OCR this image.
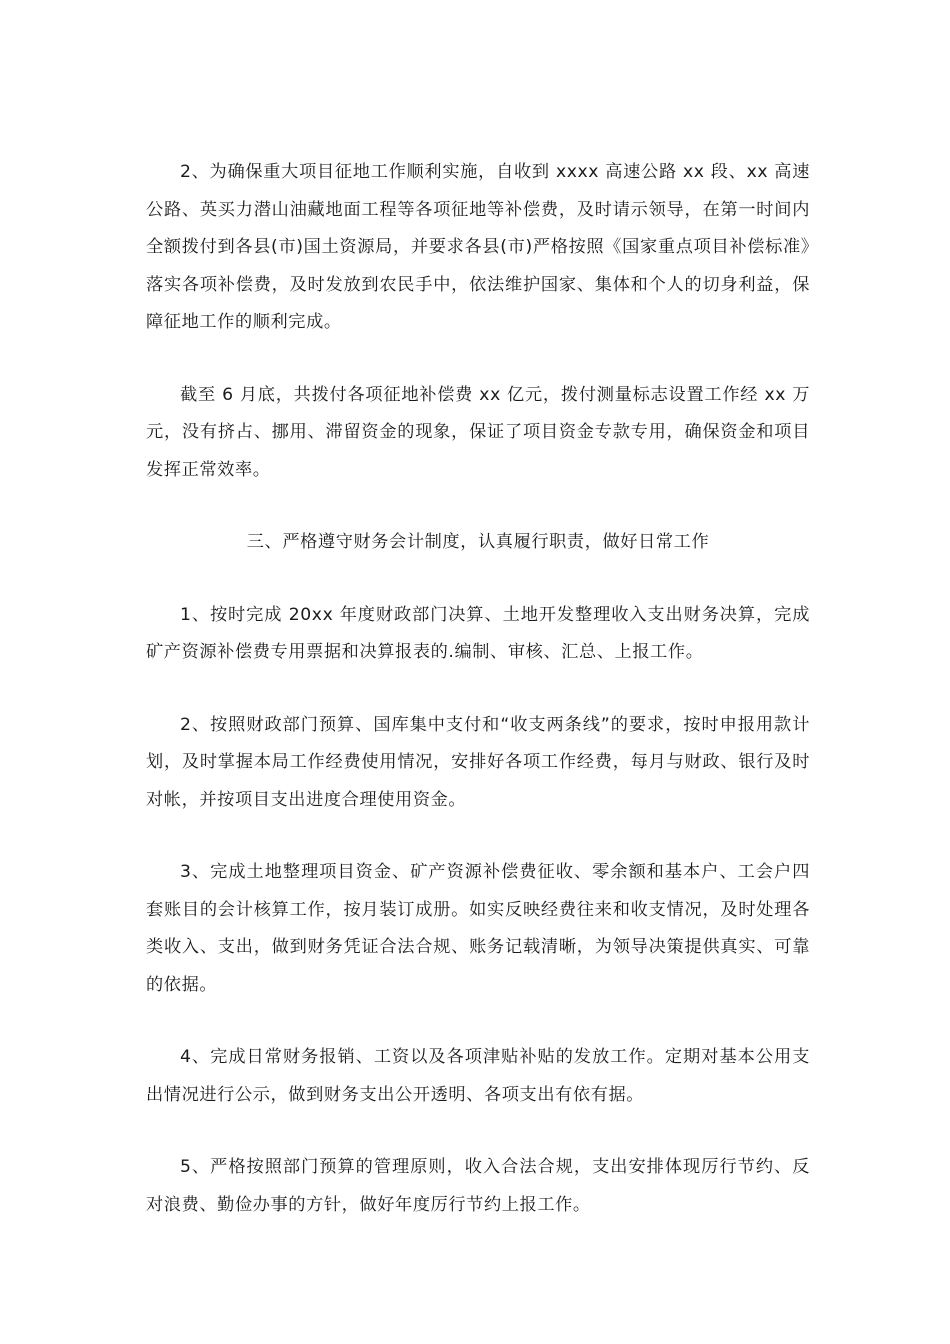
2、为确保重大项目征地工作顺利实施，自收到 xxxx 高速公路 xx 段、xx 高速公路、英买力潜山油藏地面工程等各项征地等补偿费，及时请示领导，在第一时间内全额拨付到各县(市)国土资源局，并要求各县(市)严格按照《国家重点项目补偿标准》落实各项补偿费，及时发放到农民手中，依法维护国家、集体和个人的切身利益，保障征地工作的顺利完成。

截至 6 月底，共拨付各项征地补偿费 xx 亿元，拨付测量标志设置工作经 xx 万元，没有挤占、挪用、滞留资金的现象，保证了项目资金专款专用，确保资金和项目发挥正常效率。

三、严格遵守财务会计制度，认真履行职责，做好日常工作

1、按时完成 20xx 年度财政部门决算、土地开发整理收入支出财务决算，完成矿产资源补偿费专用票据和决算报表的.编制、审核、汇总、上报工作。

2、按照财政部门预算、国库集中支付和“收支两条线”的要求，按时申报用款计划，及时掌握本局工作经费使用情况，安排好各项工作经费，每月与财政、银行及时对帐，并按项目支出进度合理使用资金。

3、完成土地整理项目资金、矿产资源补偿费征收、零余额和基本户、工会户四套账目的会计核算工作，按月装订成册。如实反映经费往来和收支情况，及时处理各类收入、支出，做到财务凭证合法合规、账务记载清晰，为领导决策提供真实、可靠的依据。

4、完成日常财务报销、工资以及各项津贴补贴的发放工作。定期对基本公用支出情况进行公示，做到财务支出公开透明、各项支出有依有据。

5、严格按照部门预算的管理原则，收入合法合规，支出安排体现厉行节约、反对浪费、勤俭办事的方针，做好年度厉行节约上报工作。
